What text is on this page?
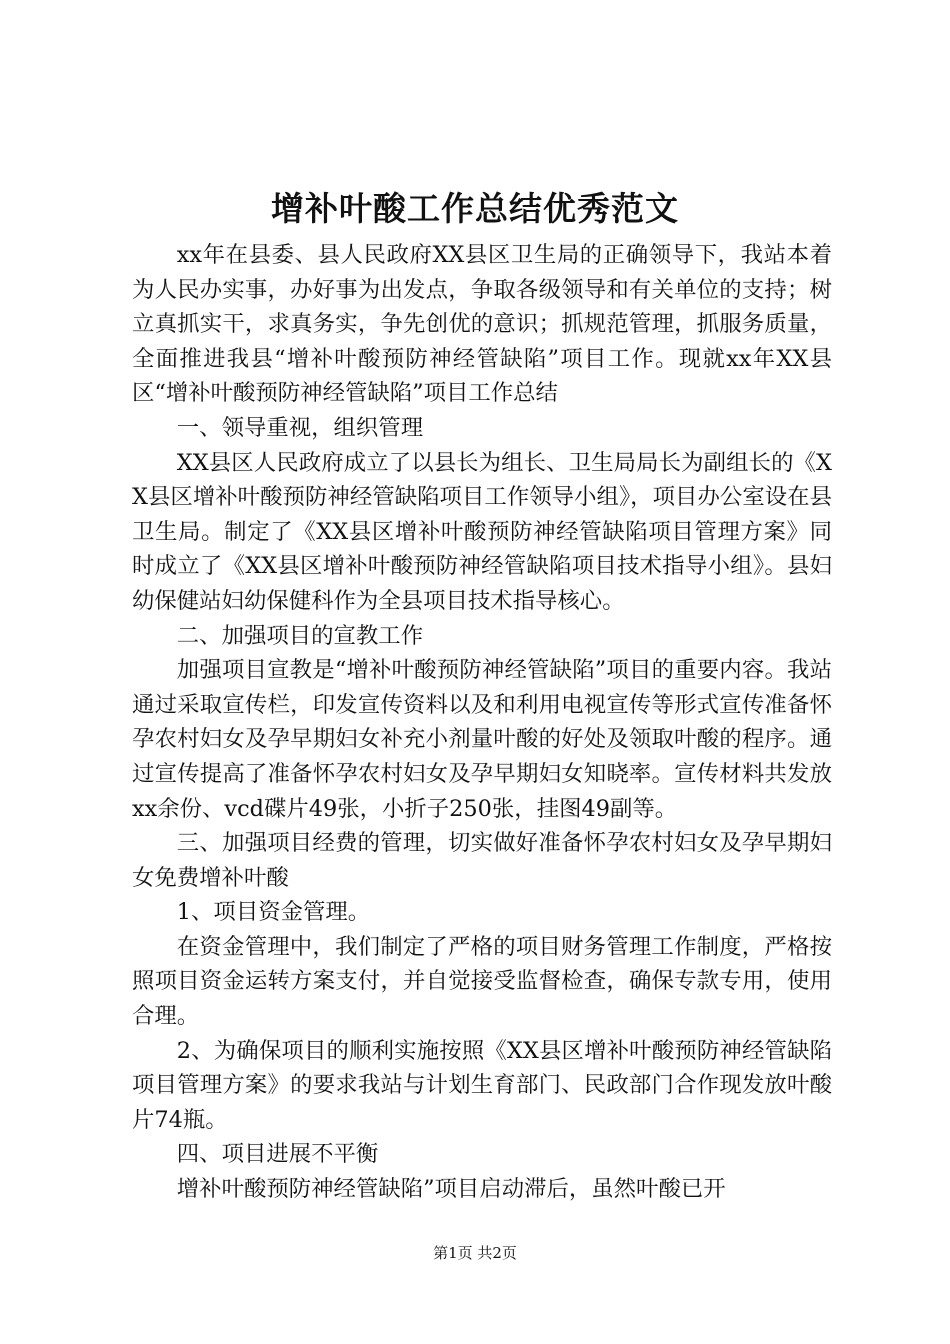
增补叶酸工作总结优秀范文

xx年在县委、县人民政府XX县区卫生局的正确领导下，我站本着为人民办实事，办好事为出发点，争取各级领导和有关单位的支持；树立真抓实干，求真务实，争先创优的意识；抓规范管理，抓服务质量，全面推进我县“增补叶酸预防神经管缺陷”项目工作。现就xx年XX县区“增补叶酸预防神经管缺陷”项目工作总结

一、领导重视，组织管理

XX县区人民政府成立了以县长为组长、卫生局局长为副组长的《XX县区增补叶酸预防神经管缺陷项目工作领导小组》，项目办公室设在县卫生局。制定了《XX县区增补叶酸预防神经管缺陷项目管理方案》同时成立了《XX县区增补叶酸预防神经管缺陷项目技术指导小组》。县妇幼保健站妇幼保健科作为全县项目技术指导核心。

二、加强项目的宣教工作

加强项目宣教是“增补叶酸预防神经管缺陷”项目的重要内容。我站通过采取宣传栏，印发宣传资料以及和利用电视宣传等形式宣传准备怀孕农村妇女及孕早期妇女补充小剂量叶酸的好处及领取叶酸的程序。通过宣传提高了准备怀孕农村妇女及孕早期妇女知晓率。宣传材料共发放xx余份、vcd碟片49张，小折子250张，挂图49副等。

三、加强项目经费的管理，切实做好准备怀孕农村妇女及孕早期妇女免费增补叶酸

1、项目资金管理。

在资金管理中，我们制定了严格的项目财务管理工作制度，严格按照项目资金运转方案支付，并自觉接受监督检查，确保专款专用，使用合理。

2、为确保项目的顺利实施按照《XX县区增补叶酸预防神经管缺陷项目管理方案》的要求我站与计划生育部门、民政部门合作现发放叶酸片74瓶。

四、项目进展不平衡

增补叶酸预防神经管缺陷”项目启动滞后，虽然叶酸已开

第1页 共2页
